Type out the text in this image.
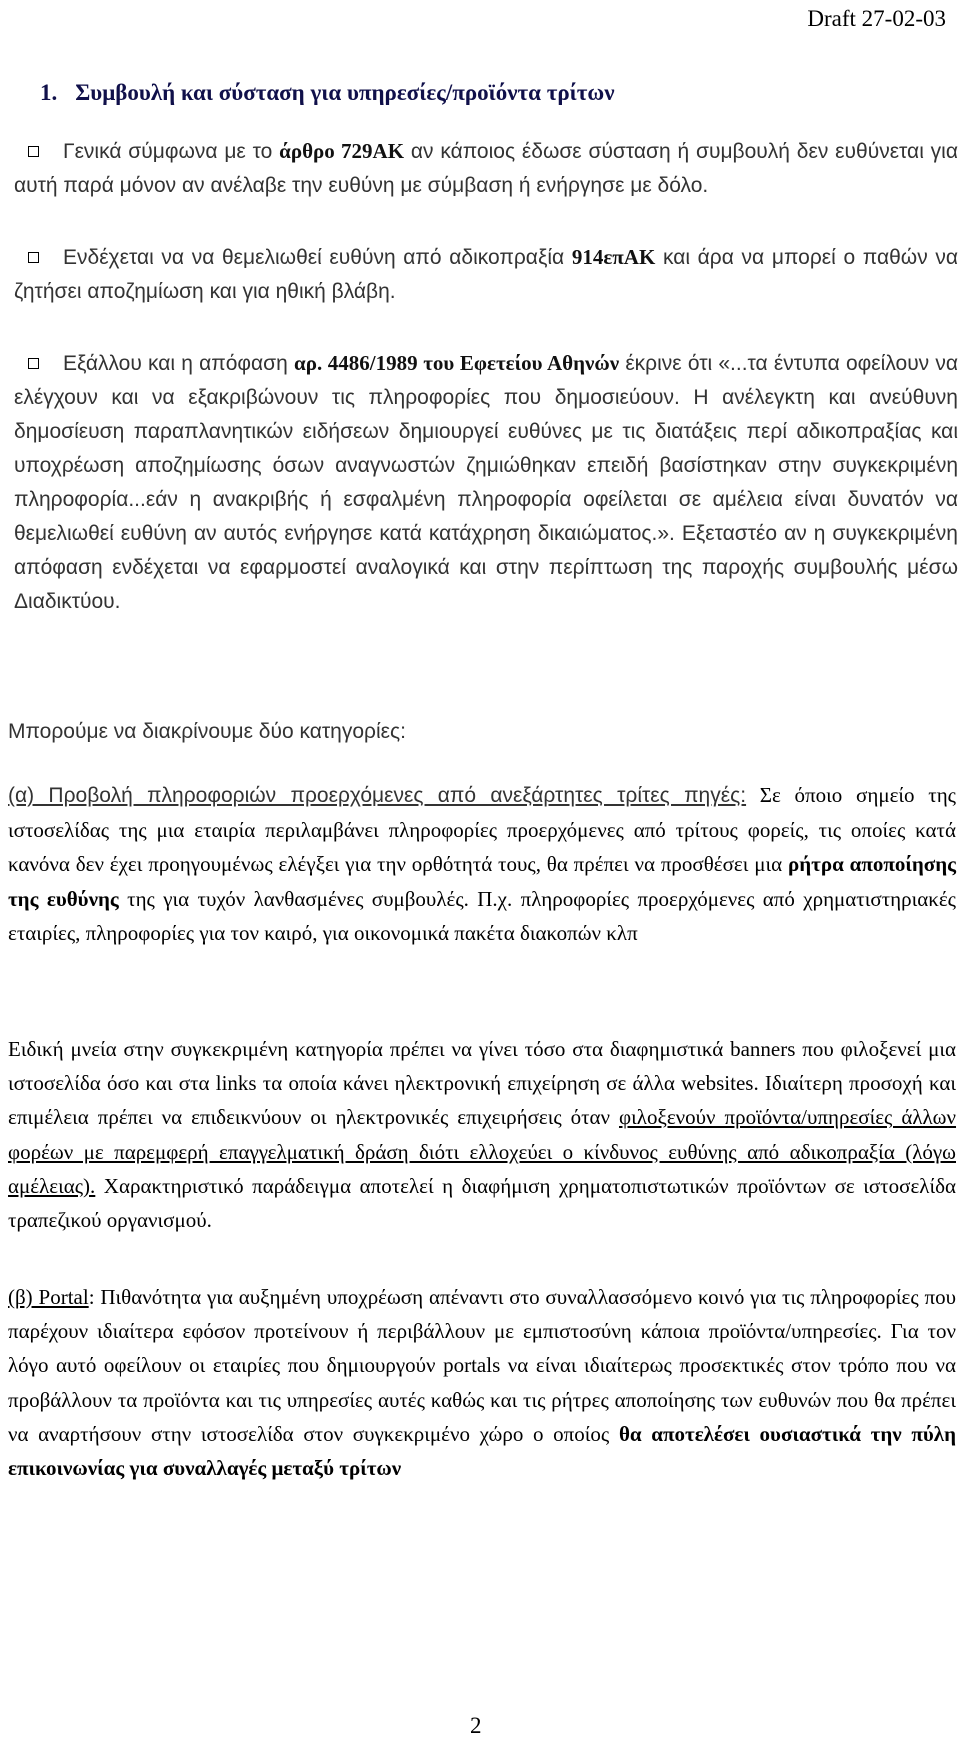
Draft 27-02-03
1. Συμβουλή και σύσταση για υπηρεσίες/προϊόντα τρίτων
Γενικά σύμφωνα με το άρθρο 729ΑΚ αν κάποιος έδωσε σύσταση ή συμβουλή δεν ευθύνεται για αυτή παρά μόνον αν ανέλαβε την ευθύνη με σύμβαση ή ενήργησε με δόλο.
Ενδέχεται να να θεμελιωθεί ευθύνη από αδικοπραξία 914επΑΚ και άρα να μπορεί ο παθών να ζητήσει αποζημίωση και για ηθική βλάβη.
Εξάλλου και η απόφαση αρ. 4486/1989 του Εφετείου Αθηνών έκρινε ότι «...τα έντυπα οφείλουν να ελέγχουν και να εξακριβώνουν τις πληροφορίες που δημοσιεύουν. Η ανέλεγκτη και ανεύθυνη δημοσίευση παραπλανητικών ειδήσεων δημιουργεί ευθύνες με τις διατάξεις περί αδικοπραξίας και υποχρέωση αποζημίωσης όσων αναγνωστών ζημιώθηκαν επειδή βασίστηκαν στην συγκεκριμένη πληροφορία...εάν η ανακριβής ή εσφαλμένη πληροφορία οφείλεται σε αμέλεια είναι δυνατόν να θεμελιωθεί ευθύνη αν αυτός ενήργησε κατά κατάχρηση δικαιώματος.». Εξεταστέο αν η συγκεκριμένη απόφαση ενδέχεται να εφαρμοστεί αναλογικά και στην περίπτωση της παροχής συμβουλής μέσω Διαδικτύου.
Μπορούμε να διακρίνουμε δύο κατηγορίες:
(α) Προβολή πληροφοριών προερχόμενες από ανεξάρτητες τρίτες πηγές: Σε όποιο σημείο της ιστοσελίδας της μια εταιρία περιλαμβάνει πληροφορίες προερχόμενες από τρίτους φορείς, τις οποίες κατά κανόνα δεν έχει προηγουμένως ελέγξει για την ορθότητά τους, θα πρέπει να προσθέσει μια ρήτρα αποποίησης της ευθύνης της για τυχόν λανθασμένες συμβουλές. Π.χ. πληροφορίες προερχόμενες από χρηματιστηριακές εταιρίες, πληροφορίες για τον καιρό, για οικονομικά πακέτα διακοπών κλπ
Ειδική μνεία στην συγκεκριμένη κατηγορία πρέπει να γίνει τόσο στα διαφημιστικά banners που φιλοξενεί μια ιστοσελίδα όσο και στα links τα οποία κάνει ηλεκτρονική επιχείρηση σε άλλα websites. Ιδιαίτερη προσοχή και επιμέλεια πρέπει να επιδεικνύουν οι ηλεκτρονικές επιχειρήσεις όταν φιλοξενούν προϊόντα/υπηρεσίες άλλων φορέων με παρεμφερή επαγγελματική δράση διότι ελλοχεύει ο κίνδυνος ευθύνης από αδικοπραξία (λόγω αμέλειας). Χαρακτηριστικό παράδειγμα αποτελεί η διαφήμιση χρηματοπιστωτικών προϊόντων σε ιστοσελίδα τραπεζικού οργανισμού.
(β) Portal: Πιθανότητα για αυξημένη υποχρέωση απέναντι στο συναλλασσόμενο κοινό για τις πληροφορίες που παρέχουν ιδιαίτερα εφόσον προτείνουν ή περιβάλλουν με εμπιστοσύνη κάποια προϊόντα/υπηρεσίες. Για τον λόγο αυτό οφείλουν οι εταιρίες που δημιουργούν portals να είναι ιδιαίτερως προσεκτικές στον τρόπο που να προβάλλουν τα προϊόντα και τις υπηρεσίες αυτές καθώς και τις ρήτρες αποποίησης των ευθυνών που θα πρέπει να αναρτήσουν στην ιστοσελίδα στον συγκεκριμένο χώρο ο οποίος θα αποτελέσει ουσιαστικά την πύλη επικοινωνίας για συναλλαγές μεταξύ τρίτων
2
